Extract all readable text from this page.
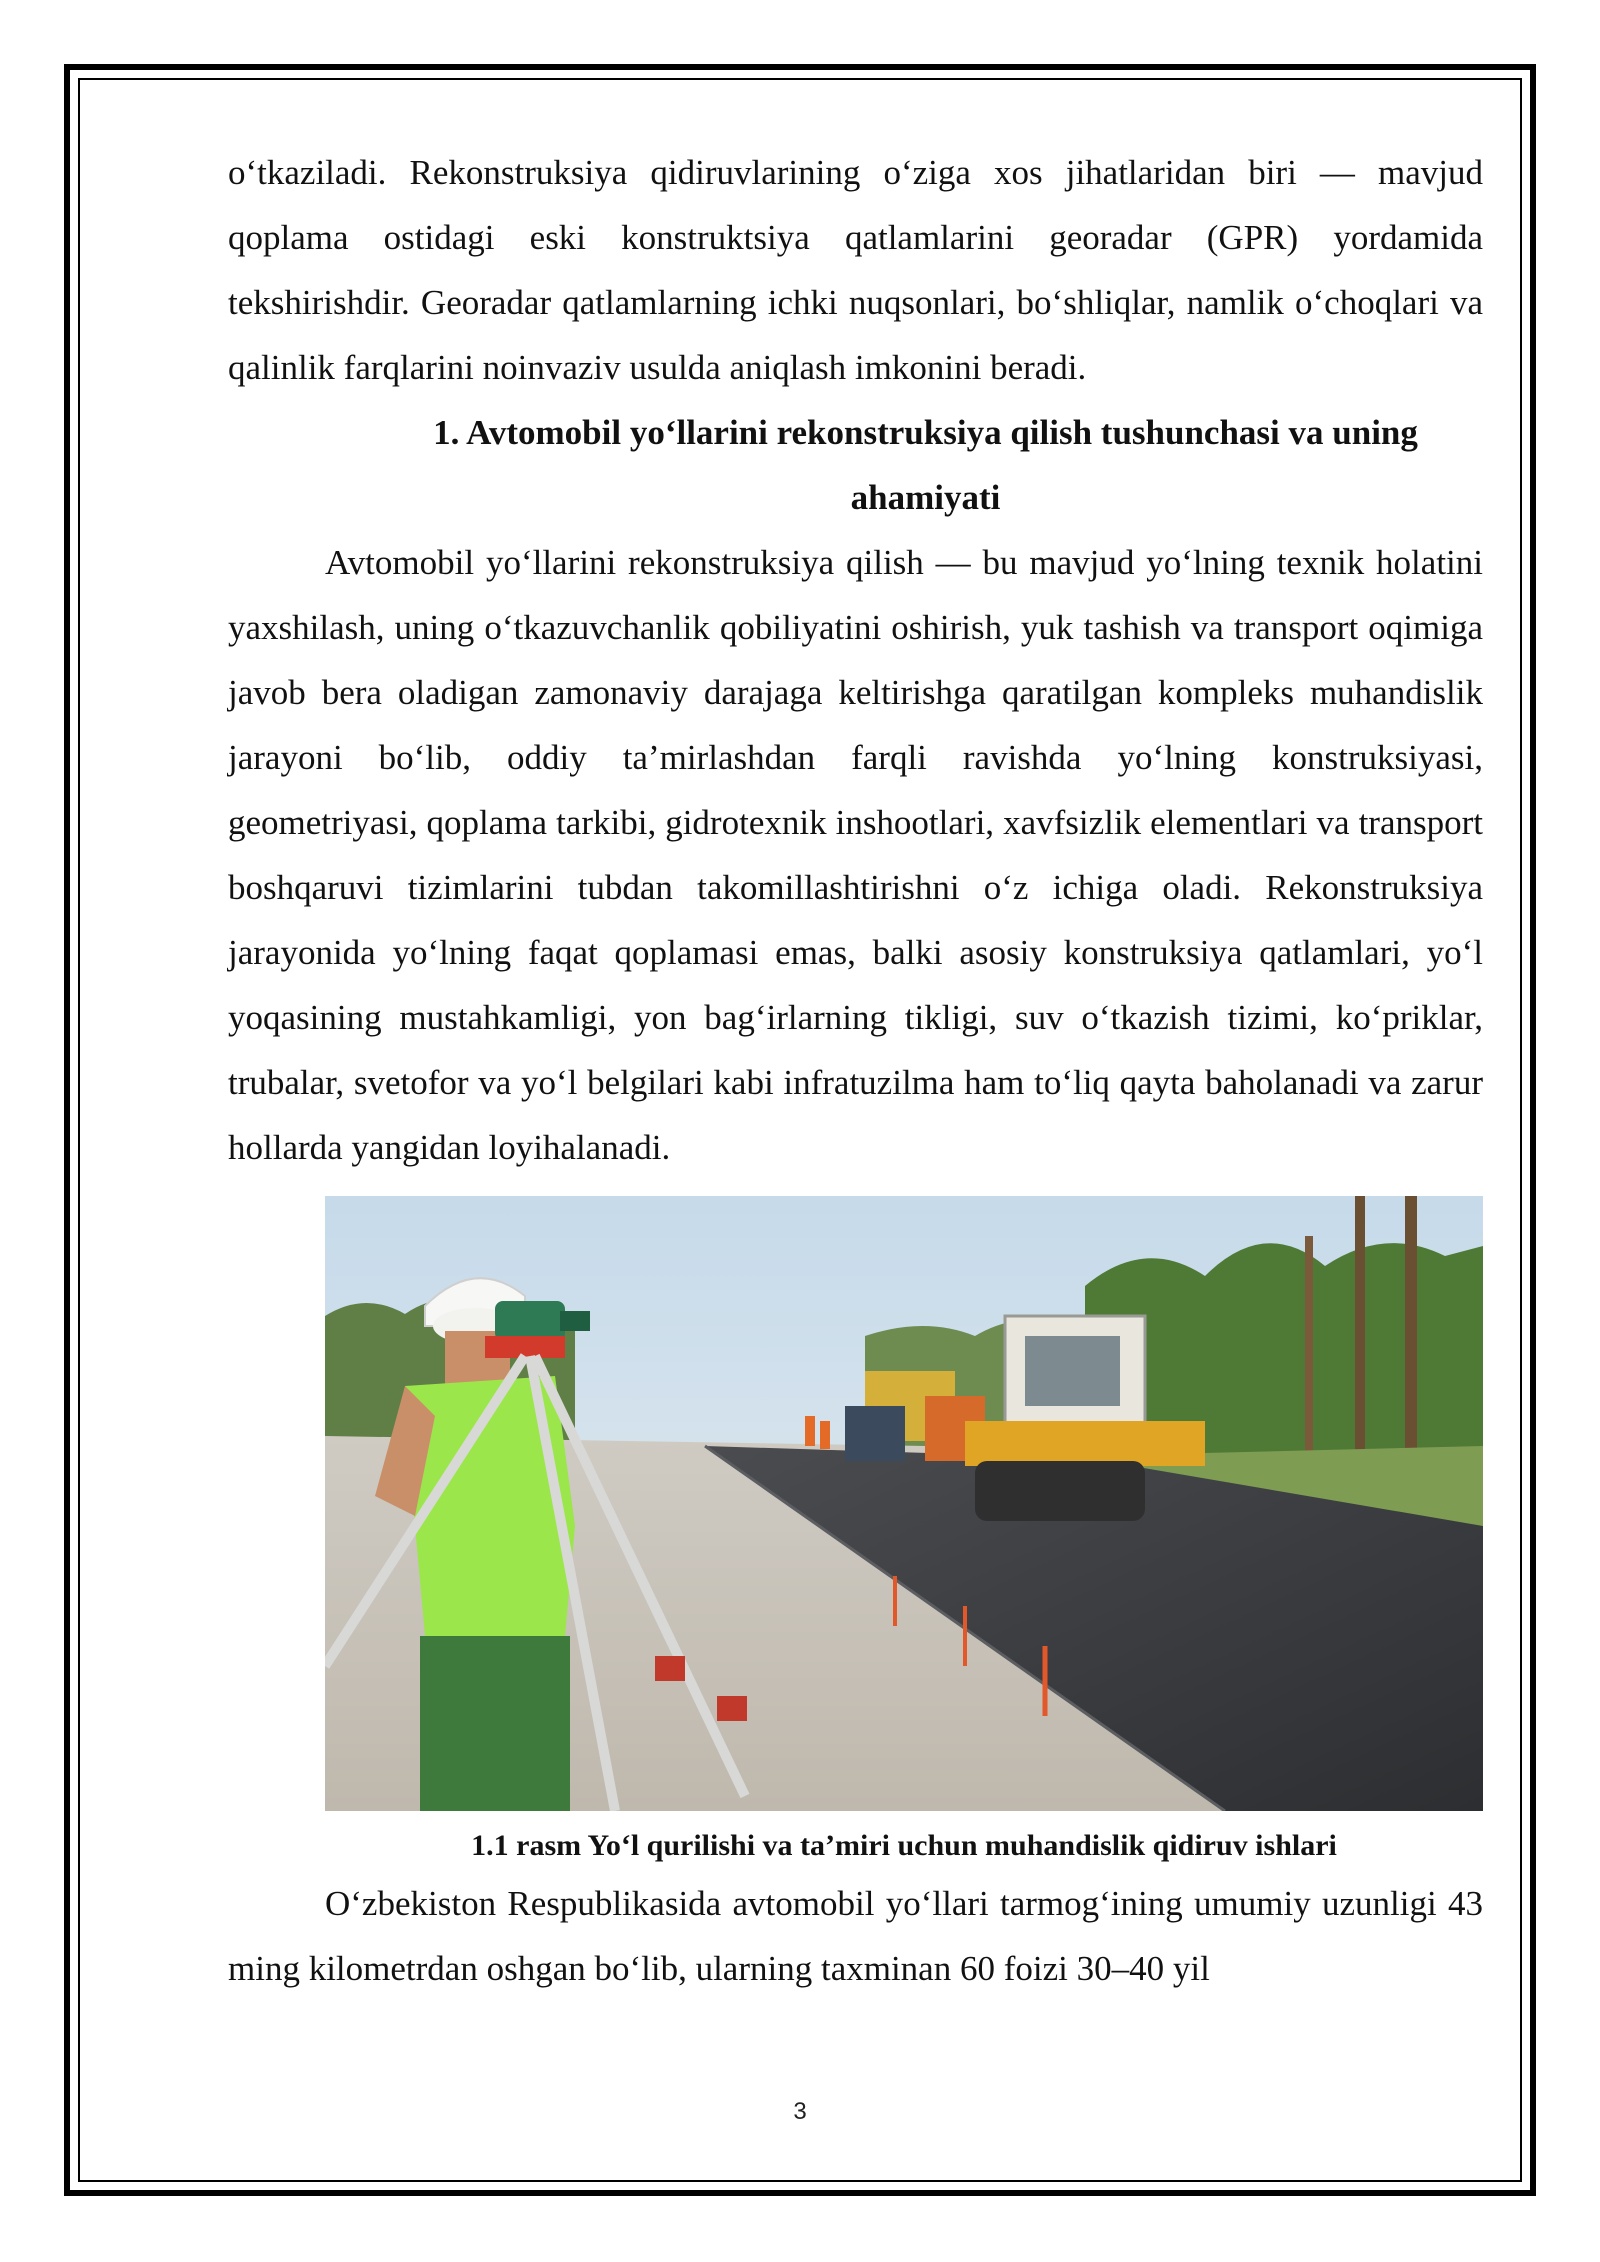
o‘tkaziladi. Rekonstruksiya qidiruvlarining o‘ziga xos jihatlaridan biri — mavjud qoplama ostidagi eski konstruktsiya qatlamlarini georadar (GPR) yordamida tekshirishdir. Georadar qatlamlarning ichki nuqsonlari, bo‘shliqlar, namlik o‘choqlari va qalinlik farqlarini noinvaziv usulda aniqlash imkonini beradi.

1. Avtomobil yo‘llarini rekonstruksiya qilish tushunchasi va uning ahamiyati

Avtomobil yo‘llarini rekonstruksiya qilish — bu mavjud yo‘lning texnik holatini yaxshilash, uning o‘tkazuvchanlik qobiliyatini oshirish, yuk tashish va transport oqimiga javob bera oladigan zamonaviy darajaga keltirishga qaratilgan kompleks muhandislik jarayoni bo‘lib, oddiy ta’mirlashdan farqli ravishda yo‘lning konstruksiyasi, geometriyasi, qoplama tarkibi, gidrotexnik inshootlari, xavfsizlik elementlari va transport boshqaruvi tizimlarini tubdan takomillashtirishni o‘z ichiga oladi. Rekonstruksiya jarayonida yo‘lning faqat qoplamasi emas, balki asosiy konstruksiya qatlamlari, yo‘l yoqasining mustahkamligi, yon bag‘irlarning tikligi, suv o‘tkazish tizimi, ko‘priklar, trubalar, svetofor va yo‘l belgilari kabi infratuzilma ham to‘liq qayta baholanadi va zarur hollarda yangidan loyihalanadi.

1.1 rasm Yo‘l qurilishi va ta’miri uchun muhandislik qidiruv ishlari

O‘zbekiston Respublikasida avtomobil yo‘llari tarmog‘ining umumiy uzunligi 43 ming kilometrdan oshgan bo‘lib, ularning taxminan 60 foizi 30–40 yil

3
